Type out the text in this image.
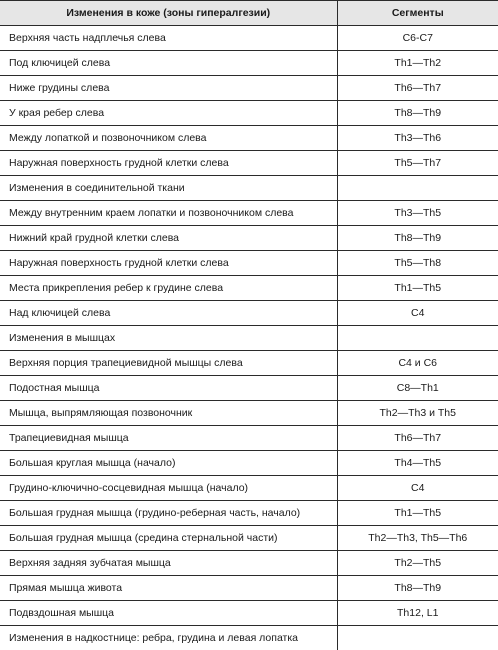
Изменения в коже (зоны гипералгезии)	Сегменты
Верхняя часть надплечья слева	C6-C7
Под ключицей слева	Th1—Th2
Ниже грудины слева	Th6—Th7
У края ребер слева	Th8—Th9
Между лопаткой и позвоночником слева	Th3—Th6
Наружная поверхность грудной клетки слева	Th5—Th7
Изменения в соединительной ткани	
Между внутренним краем лопатки и позвоночником слева	Th3—Th5
Нижний край грудной клетки слева	Th8—Th9
Наружная поверхность грудной клетки слева	Th5—Th8
Места прикрепления ребер к грудине слева	Th1—Th5
Над ключицей слева	C4
Изменения в мышцах	
Верхняя порция трапециевидной мышцы слева	C4 и C6
Подостная мышца	C8—Th1
Мышца, выпрямляющая позвоночник	Th2—Th3 и Th5
Трапециевидная мышца	Th6—Th7
Большая круглая мышца (начало)	Th4—Th5
Грудино-ключично-сосцевидная мышца (начало)	C4
Большая грудная мышца (грудино-реберная часть, начало)	Th1—Th5
Большая грудная мышца (средина стернальной части)	Th2—Th3, Th5—Th6
Верхняя задняя зубчатая мышца	Th2—Th5
Прямая мышца живота	Th8—Th9
Подвздошная мышца	Th12, L1
Изменения в надкостнице: ребра, грудина и левая лопатка	
